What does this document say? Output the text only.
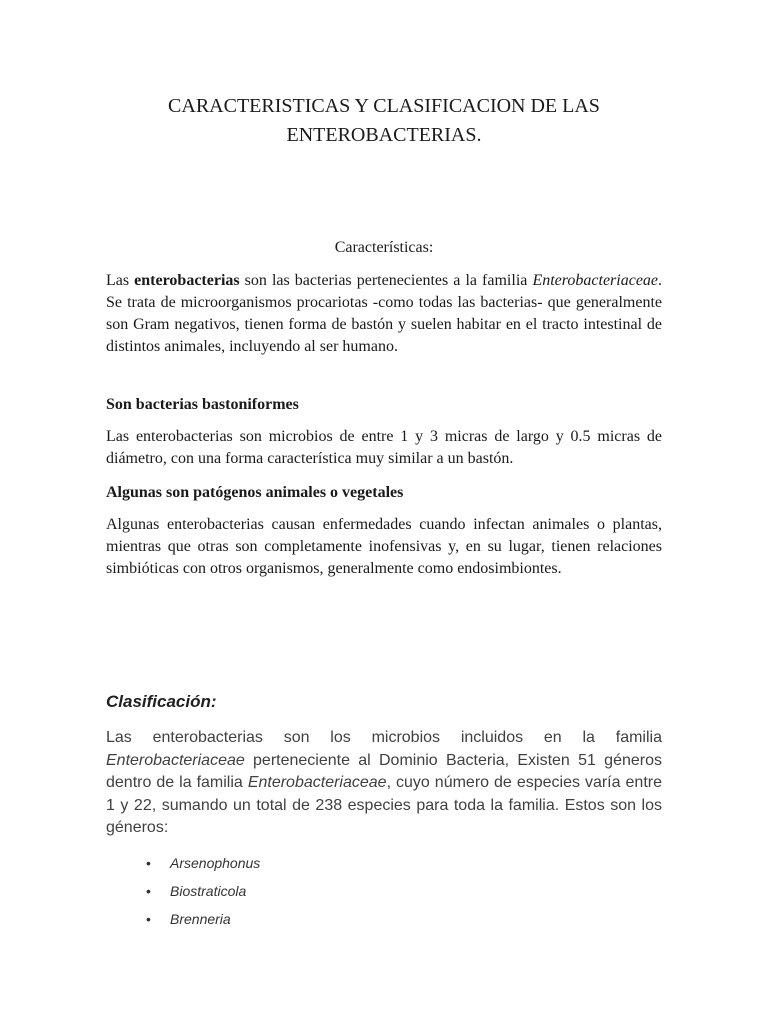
CARACTERISTICAS Y CLASIFICACION DE LAS
ENTEROBACTERIAS.
Características:

Las enterobacterias son las bacterias pertenecientes a la familia Enterobacteriaceae. Se trata de microorganismos procariotas -como todas las bacterias- que generalmente son Gram negativos, tienen forma de bastón y suelen habitar en el tracto intestinal de distintos animales, incluyendo al ser humano.

Son bacterias bastoniformes

Las enterobacterias son microbios de entre 1 y 3 micras de largo y 0.5 micras de diámetro, con una forma característica muy similar a un bastón.

Algunas son patógenos animales o vegetales

Algunas enterobacterias causan enfermedades cuando infectan animales o plantas, mientras que otras son completamente inofensivas y, en su lugar, tienen relaciones simbióticas con otros organismos, generalmente como endosimbiontes.

Clasificación:

Las enterobacterias son los microbios incluidos en la familia Enterobacteriaceae perteneciente al Dominio Bacteria, Existen 51 géneros dentro de la familia Enterobacteriaceae, cuyo número de especies varía entre 1 y 22, sumando un total de 238 especies para toda la familia. Estos son los géneros:

• Arsenophonus
• Biostraticola
• Brenneria
